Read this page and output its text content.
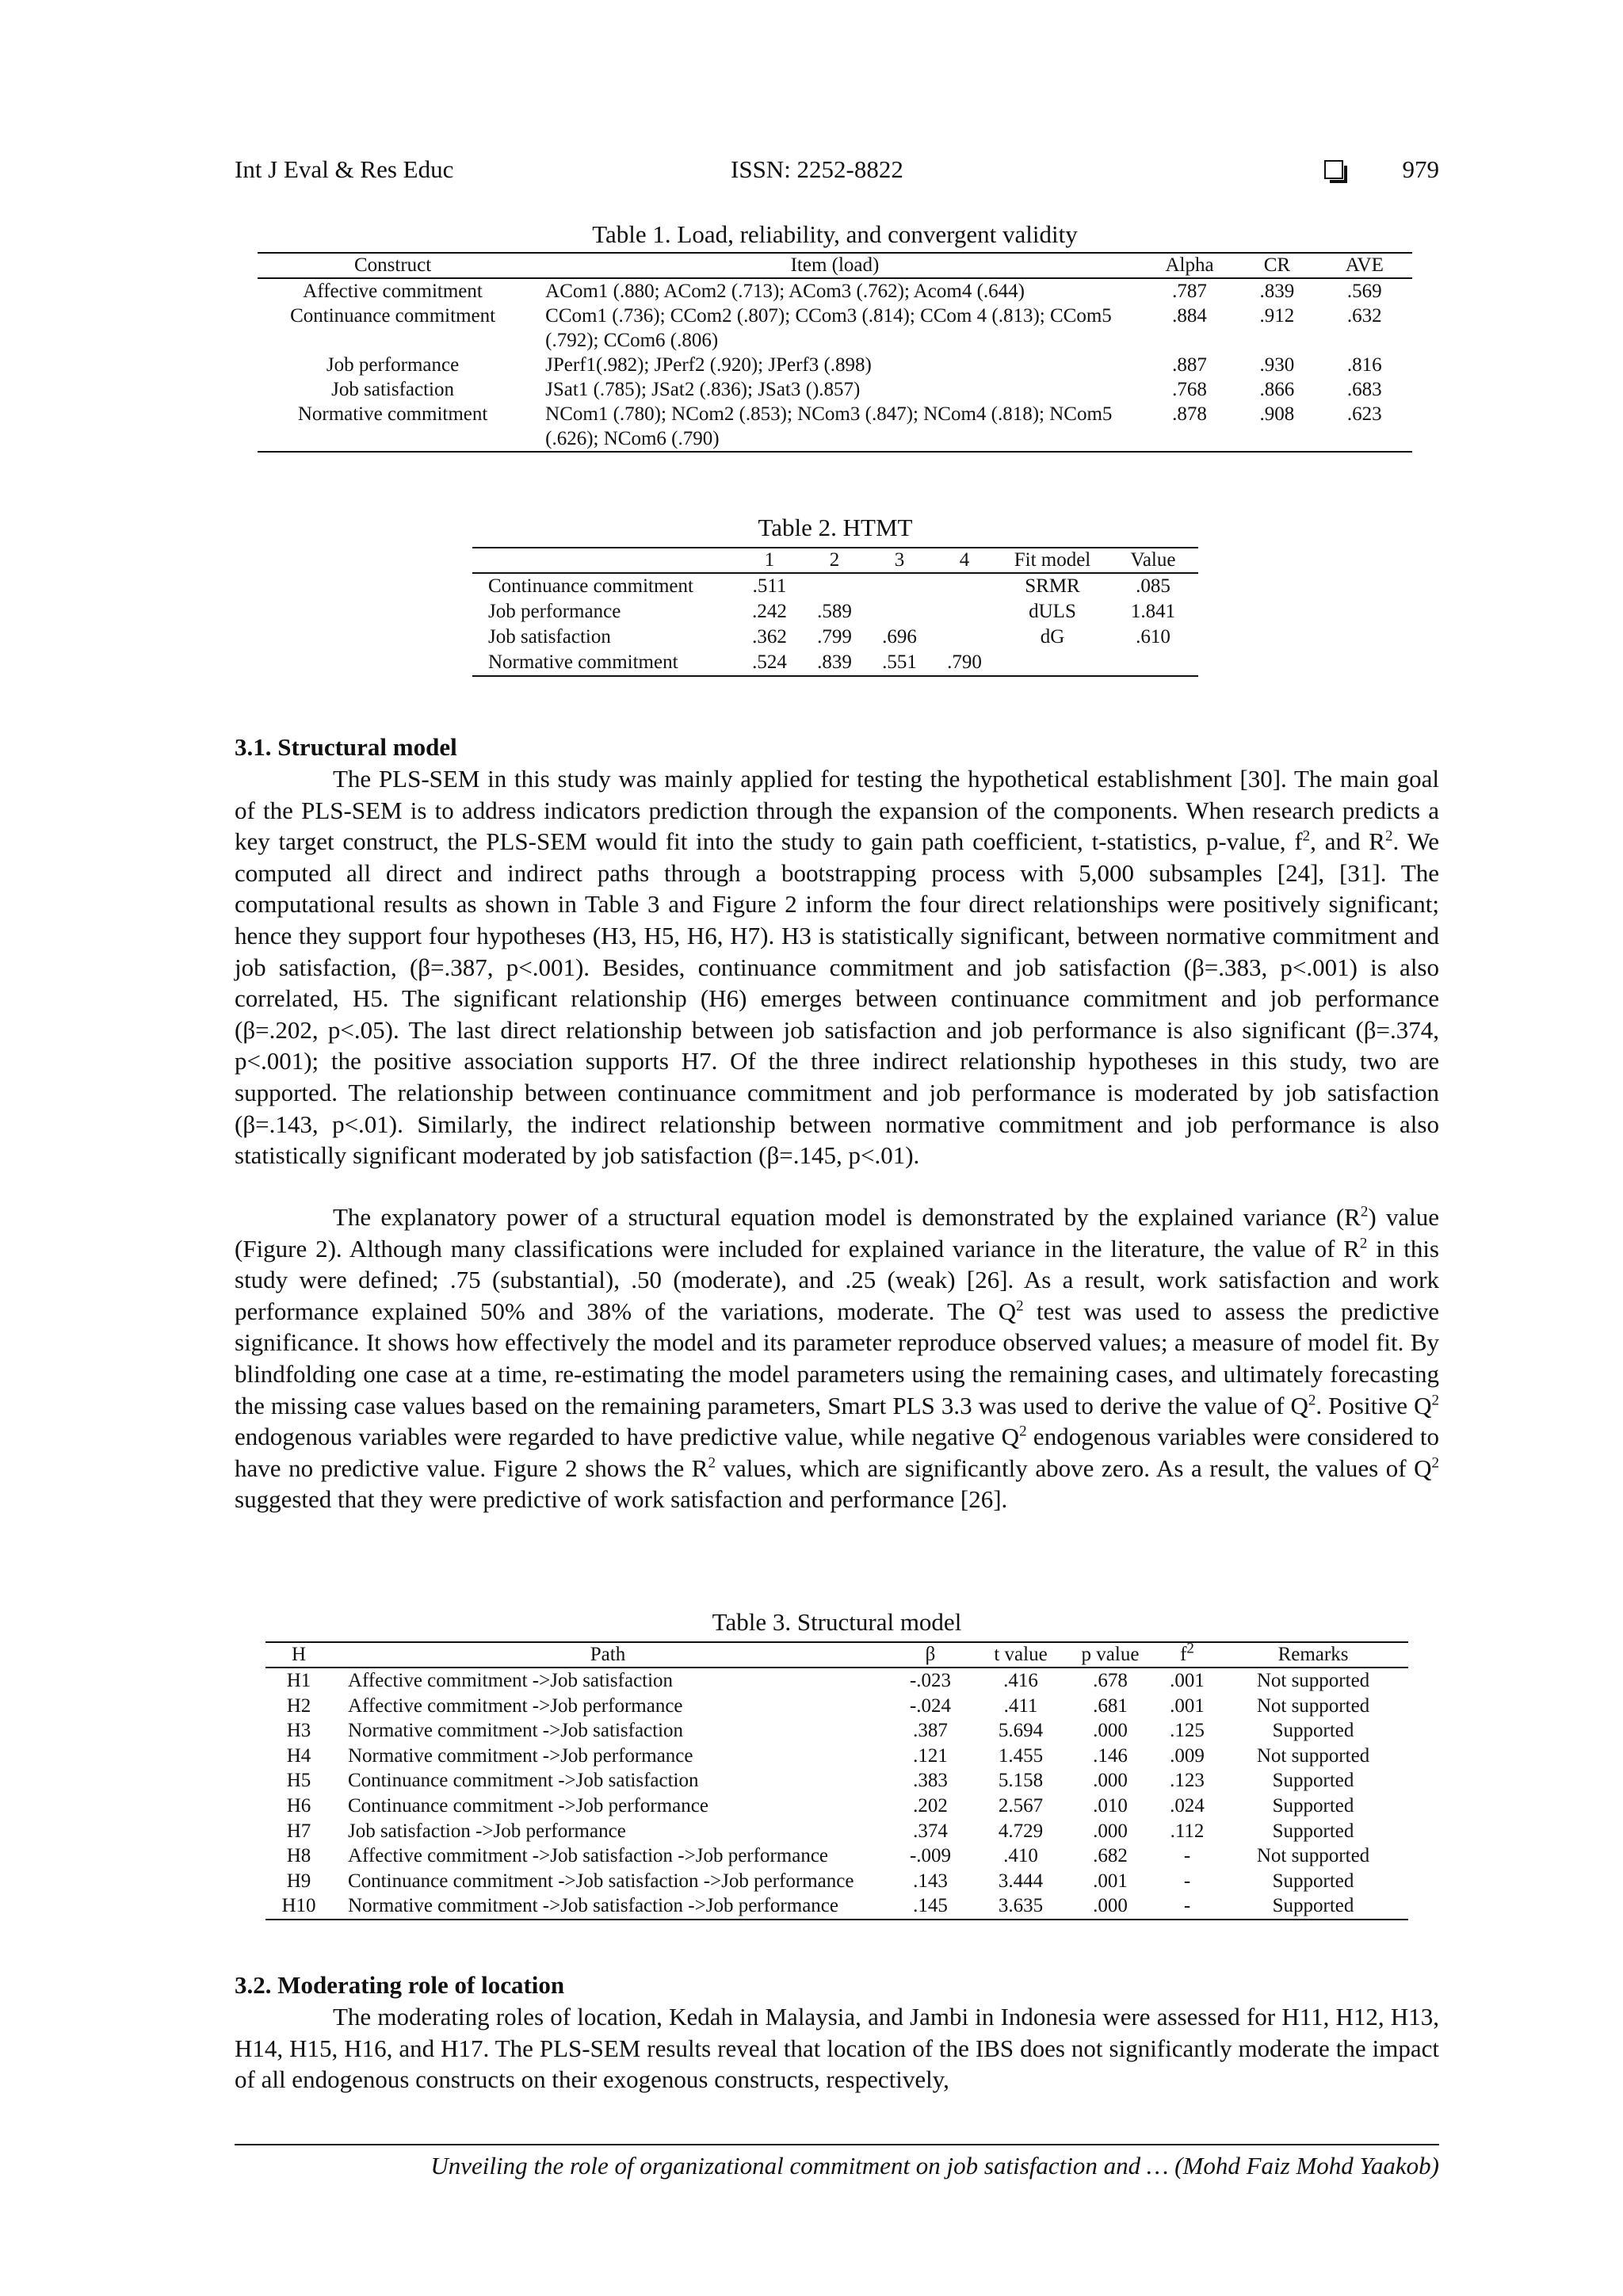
Int J Eval & Res Educ	ISSN: 2252-8822	979
Table 1. Load, reliability, and convergent validity
Construct	Item (load)	Alpha	CR	AVE
Affective commitment	ACom1 (.880; ACom2 (.713); ACom3 (.762); Acom4 (.644)	.787	.839	.569
Continuance commitment	CCom1 (.736); CCom2 (.807); CCom3 (.814); CCom 4 (.813); CCom5 (.792); CCom6 (.806)	.884	.912	.632
Job performance	JPerf1(.982); JPerf2 (.920); JPerf3 (.898)	.887	.930	.816
Job satisfaction	JSat1 (.785); JSat2 (.836); JSat3 ().857)	.768	.866	.683
Normative commitment	NCom1 (.780); NCom2 (.853); NCom3 (.847); NCom4 (.818); NCom5 (.626); NCom6 (.790)	.878	.908	.623
Table 2. HTMT
	1	2	3	4	Fit model	Value
Continuance commitment	.511				SRMR	.085
Job performance	.242	.589			dULS	1.841
Job satisfaction	.362	.799	.696		dG	.610
Normative commitment	.524	.839	.551	.790		
3.1. Structural model

The PLS-SEM in this study was mainly applied for testing the hypothetical establishment [30]. The main goal of the PLS-SEM is to address indicators prediction through the expansion of the components. When research predicts a key target construct, the PLS-SEM would fit into the study to gain path coefficient, t-statistics, p-value, $f^2$, and $R^2$. We computed all direct and indirect paths through a bootstrapping process with 5,000 subsamples [24], [31]. The computational results as shown in Table 3 and Figure 2 inform the four direct relationships were positively significant; hence they support four hypotheses (H3, H5, H6, H7). H3 is statistically significant, between normative commitment and job satisfaction, (β=.387, p<.001). Besides, continuance commitment and job satisfaction (β=.383, p<.001) is also correlated, H5. The significant relationship (H6) emerges between continuance commitment and job performance (β=.202, p<.05). The last direct relationship between job satisfaction and job performance is also significant (β=.374, p<.001); the positive association supports H7. Of the three indirect relationship hypotheses in this study, two are supported. The relationship between continuance commitment and job performance is moderated by job satisfaction (β=.143, p<.01). Similarly, the indirect relationship between normative commitment and job performance is also statistically significant moderated by job satisfaction (β=.145, p<.01).

The explanatory power of a structural equation model is demonstrated by the explained variance $(R^2)$ value (Figure 2). Although many classifications were included for explained variance in the literature, the value of $R^2$ in this study were defined; .75 (substantial), .50 (moderate), and .25 (weak) [26]. As a result, work satisfaction and work performance explained 50% and 38% of the variations, moderate. The $Q^2$ test was used to assess the predictive significance. It shows how effectively the model and its parameter reproduce observed values; a measure of model fit. By blindfolding one case at a time, re-estimating the model parameters using the remaining cases, and ultimately forecasting the missing case values based on the remaining parameters, Smart PLS 3.3 was used to derive the value of $Q^2$. Positive $Q^2$ endogenous variables were regarded to have predictive value, while negative $Q^2$ endogenous variables were considered to have no predictive value. Figure 2 shows the $R^2$ values, which are significantly above zero. As a result, the values of $Q^2$ suggested that they were predictive of work satisfaction and performance [26].

Table 3. Structural model
H	Path	β	t value	p value	$f^2$	Remarks
H1	Affective commitment ->Job satisfaction	-.023	.416	.678	.001	Not supported
H2	Affective commitment ->Job performance	-.024	.411	.681	.001	Not supported
H3	Normative commitment ->Job satisfaction	.387	5.694	.000	.125	Supported
H4	Normative commitment ->Job performance	.121	1.455	.146	.009	Not supported
H5	Continuance commitment ->Job satisfaction	.383	5.158	.000	.123	Supported
H6	Continuance commitment ->Job performance	.202	2.567	.010	.024	Supported
H7	Job satisfaction ->Job performance	.374	4.729	.000	.112	Supported
H8	Affective commitment ->Job satisfaction ->Job performance	-.009	.410	.682	-	Not supported
H9	Continuance commitment ->Job satisfaction ->Job performance	.143	3.444	.001	-	Supported
H10	Normative commitment ->Job satisfaction ->Job performance	.145	3.635	.000	-	Supported
3.2. Moderating role of location

The moderating roles of location, Kedah in Malaysia, and Jambi in Indonesia were assessed for H11, H12, H13, H14, H15, H16, and H17. The PLS-SEM results reveal that location of the IBS does not significantly moderate the impact of all endogenous constructs on their exogenous constructs, respectively,

Unveiling the role of organizational commitment on job satisfaction and … (Mohd Faiz Mohd Yaakob)
